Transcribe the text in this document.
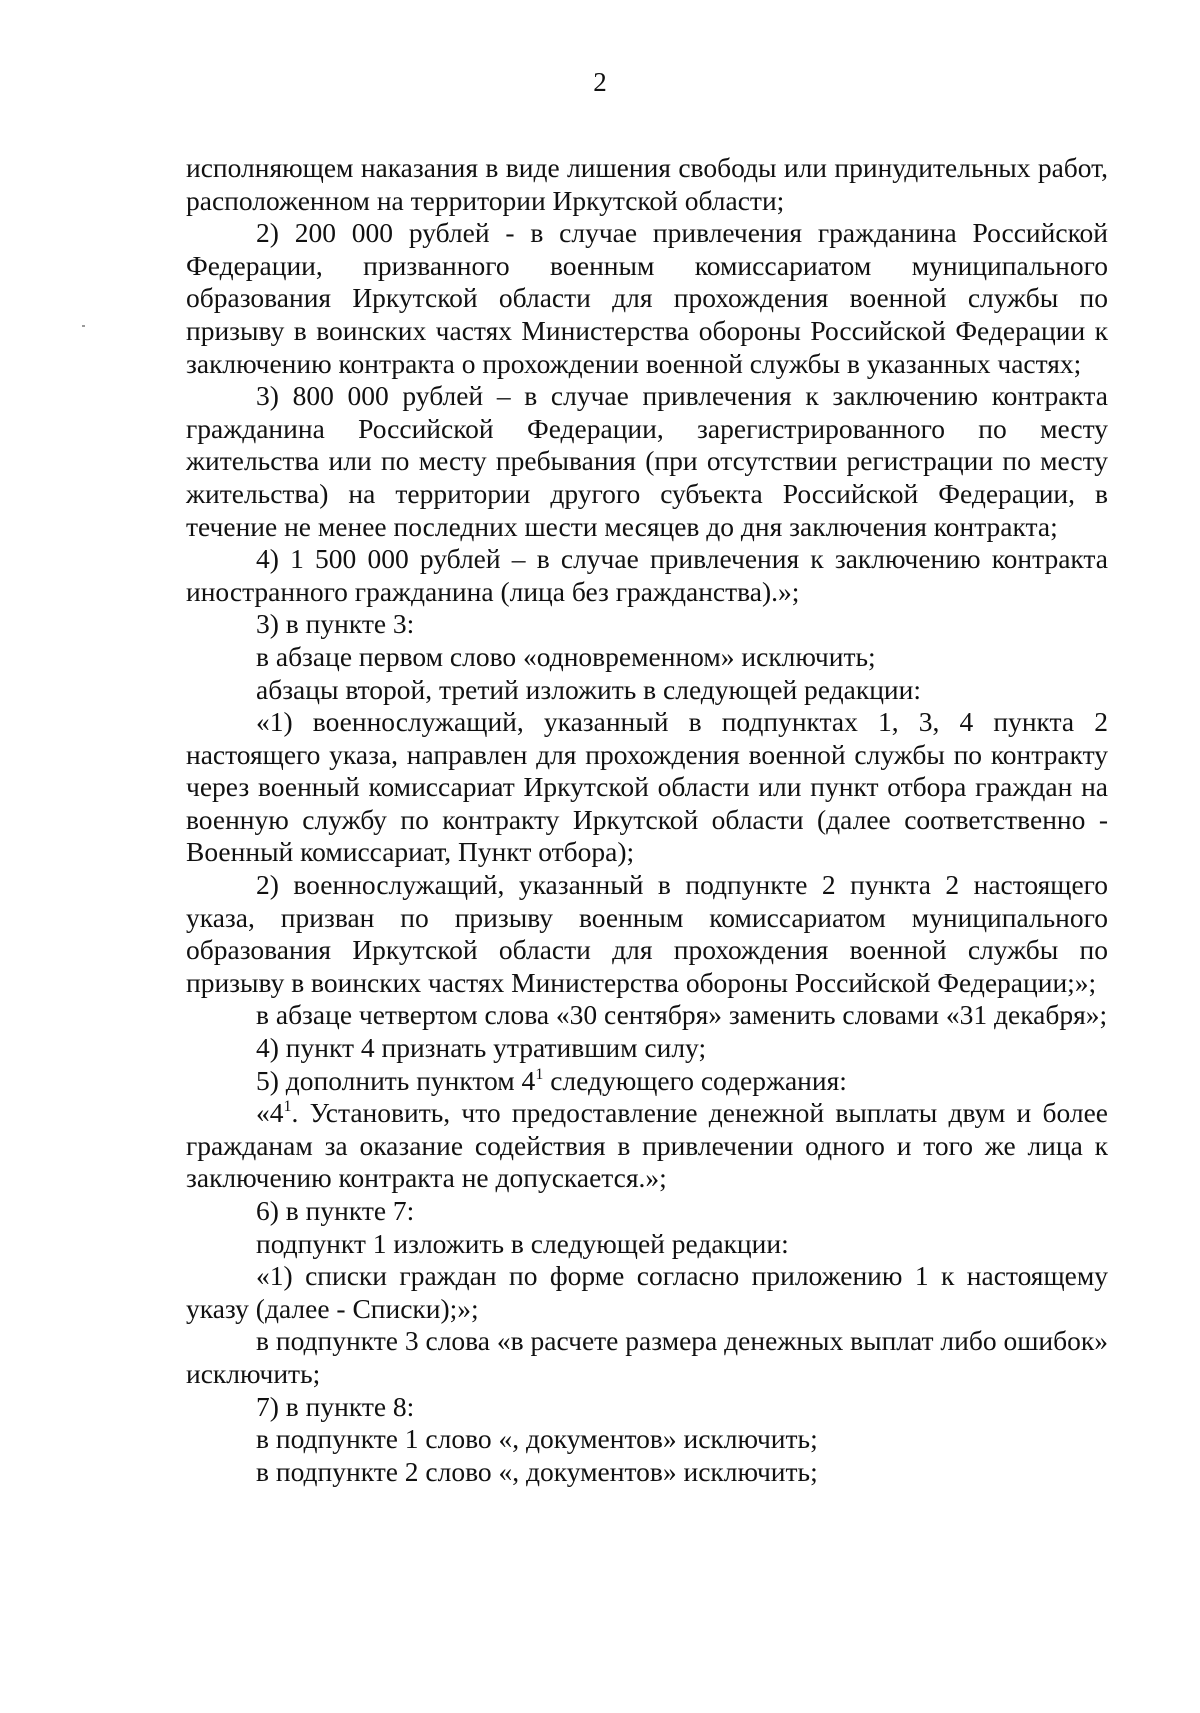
2

исполняющем наказания в виде лишения свободы или принудительных работ, расположенном на территории Иркутской области;

2) 200 000 рублей - в случае привлечения гражданина Российской Федерации, призванного военным комиссариатом муниципального образования Иркутской области для прохождения военной службы по призыву в воинских частях Министерства обороны Российской Федерации к заключению контракта о прохождении военной службы в указанных частях;

3) 800 000 рублей – в случае привлечения к заключению контракта гражданина Российской Федерации, зарегистрированного по месту жительства или по месту пребывания (при отсутствии регистрации по месту жительства) на территории другого субъекта Российской Федерации, в течение не менее последних шести месяцев до дня заключения контракта;

4) 1 500 000 рублей – в случае привлечения к заключению контракта иностранного гражданина (лица без гражданства).»;

3) в пункте 3:

в абзаце первом слово «одновременном» исключить;

абзацы второй, третий изложить в следующей редакции:

«1) военнослужащий, указанный в подпунктах 1, 3, 4 пункта 2 настоящего указа, направлен для прохождения военной службы по контракту через военный комиссариат Иркутской области или пункт отбора граждан на военную службу по контракту Иркутской области (далее соответственно - Военный комиссариат, Пункт отбора);

2) военнослужащий, указанный в подпункте 2 пункта 2 настоящего указа, призван по призыву военным комиссариатом муниципального образования Иркутской области для прохождения военной службы по призыву в воинских частях Министерства обороны Российской Федерации;»;

в абзаце четвертом слова «30 сентября» заменить словами «31 декабря»;

4) пункт 4 признать утратившим силу;

5) дополнить пунктом $4^1$ следующего содержания:

«$4^1$. Установить, что предоставление денежной выплаты двум и более гражданам за оказание содействия в привлечении одного и того же лица к заключению контракта не допускается.»;

6) в пункте 7:

подпункт 1 изложить в следующей редакции:

«1) списки граждан по форме согласно приложению 1 к настоящему указу (далее - Списки);»;

в подпункте 3 слова «в расчете размера денежных выплат либо ошибок» исключить;

7) в пункте 8:

в подпункте 1 слово «, документов» исключить;

в подпункте 2 слово «, документов» исключить;
